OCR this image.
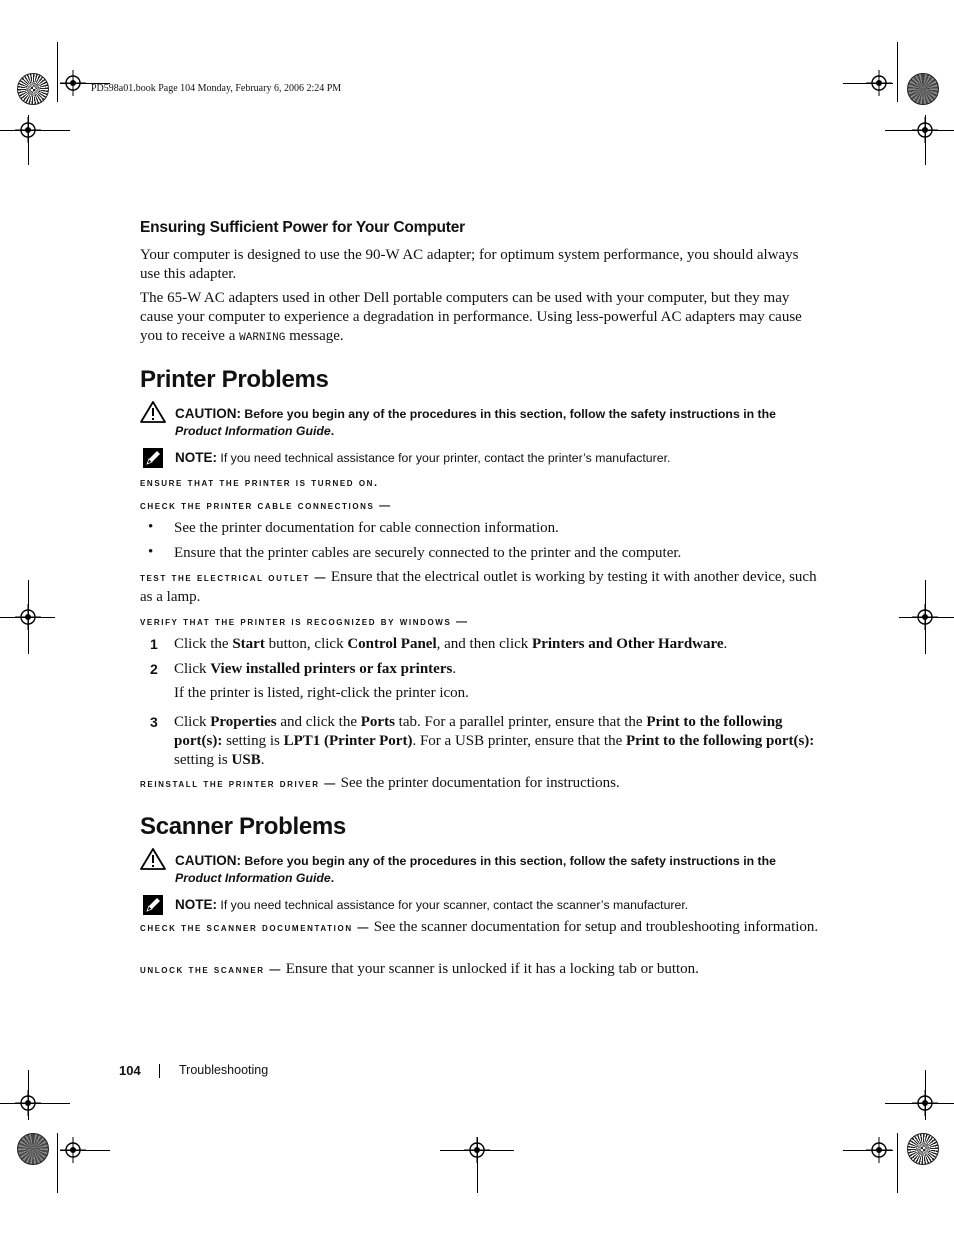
PD598a01.book Page 104 Monday, February 6, 2006 2:24 PM
Ensuring Sufficient Power for Your Computer
Your computer is designed to use the 90-W AC adapter; for optimum system performance, you should always use this adapter.
The 65-W AC adapters used in other Dell portable computers can be used with your computer, but they may cause your computer to experience a degradation in performance. Using less-powerful AC adapters may cause you to receive a WARNING message.
Printer Problems
CAUTION: Before you begin any of the procedures in this section, follow the safety instructions in the Product Information Guide.
NOTE: If you need technical assistance for your printer, contact the printer’s manufacturer.
ensure that the printer is turned on.
check the printer cable connections —
• See the printer documentation for cable connection information.
• Ensure that the printer cables are securely connected to the printer and the computer.
test the electrical outlet — Ensure that the electrical outlet is working by testing it with another device, such as a lamp.
verify that the printer is recognized by windows —
1 Click the Start button, click Control Panel, and then click Printers and Other Hardware.
2 Click View installed printers or fax printers.
If the printer is listed, right-click the printer icon.
3 Click Properties and click the Ports tab. For a parallel printer, ensure that the Print to the following port(s): setting is LPT1 (Printer Port). For a USB printer, ensure that the Print to the following port(s): setting is USB.
reinstall the printer driver — See the printer documentation for instructions.
Scanner Problems
CAUTION: Before you begin any of the procedures in this section, follow the safety instructions in the Product Information Guide.
NOTE: If you need technical assistance for your scanner, contact the scanner’s manufacturer.
check the scanner documentation — See the scanner documentation for setup and troubleshooting information.
unlock the scanner — Ensure that your scanner is unlocked if it has a locking tab or button.
104	Troubleshooting
